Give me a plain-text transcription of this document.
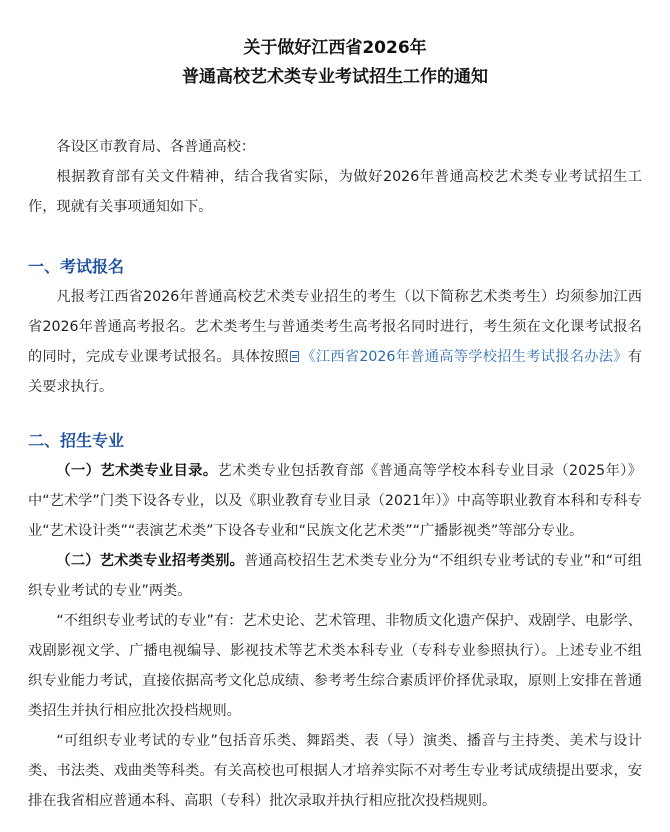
关于做好江西省2026年
普通高校艺术类专业考试招生工作的通知

各设区市教育局、各普通高校：

根据教育部有关文件精神，结合我省实际，为做好2026年普通高校艺术类专业考试招生工作，现就有关事项通知如下。

一、考试报名

凡报考江西省2026年普通高校艺术类专业招生的考生（以下简称艺术类考生）均须参加江西省2026年普通高考报名。艺术类考生与普通类考生高考报名同时进行，考生须在文化课考试报名的同时，完成专业课考试报名。具体按照 《江西省2026年普通高等学校招生考试报名办法》有关要求执行。

二、招生专业

（一）艺术类专业目录。艺术类专业包括教育部《普通高等学校本科专业目录（2025年）》中“艺术学”门类下设各专业，以及《职业教育专业目录（2021年）》中高等职业教育本科和专科专业“艺术设计类”“表演艺术类”下设各专业和“民族文化艺术类”“广播影视类”等部分专业。

（二）艺术类专业招考类别。普通高校招生艺术类专业分为“不组织专业考试的专业”和“可组织专业考试的专业”两类。

“不组织专业考试的专业”有：艺术史论、艺术管理、非物质文化遗产保护、戏剧学、电影学、戏剧影视文学、广播电视编导、影视技术等艺术类本科专业（专科专业参照执行）。上述专业不组织专业能力考试，直接依据高考文化总成绩、参考考生综合素质评价择优录取，原则上安排在普通类招生并执行相应批次投档规则。

“可组织专业考试的专业”包括音乐类、舞蹈类、表（导）演类、播音与主持类、美术与设计类、书法类、戏曲类等科类。有关高校也可根据人才培养实际不对考生专业考试成绩提出要求，安排在我省相应普通本科、高职（专科）批次录取并执行相应批次投档规则。
